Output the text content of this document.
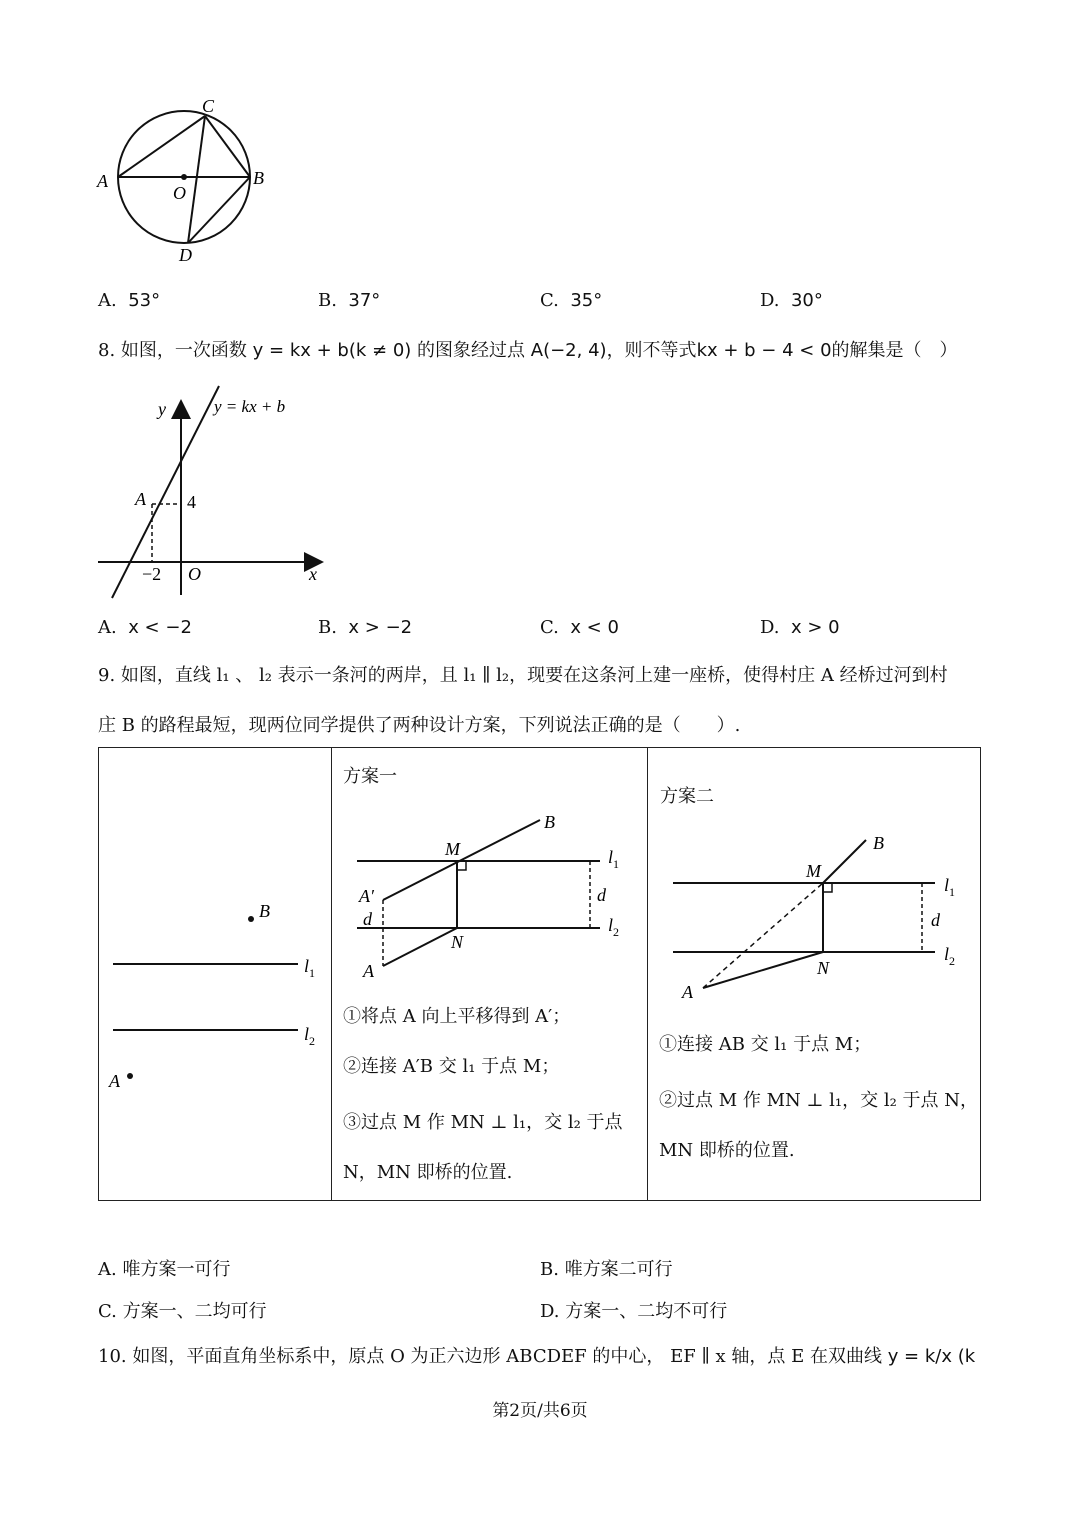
A	B
C
D
O
A. 53°	B. 37°	C. 35°	D. 30°
8. 如图，一次函数 y = kx + b(k ≠ 0) 的图象经过点 A(−2, 4)，则不等式kx + b − 4 < 0的解集是（　）
y	y = kx + b
A 4
−2 O	x
A. x < −2	B. x > −2	C. x < 0	D. x > 0
9. 如图，直线 l₁ 、 l₂ 表示一条河的两岸，且 l₁ ∥ l₂，现要在这条河上建一座桥，使得村庄 A 经桥过河到村
庄 B 的路程最短，现两位同学提供了两种设计方案，下列说法正确的是（　　）.
B
$l_1$
$l_2$
A
方案一
B
M	$l_1$
A′
d
d
$l_2$
N
A
①将点 A 向上平移得到 A′；
②连接 A′B 交 l₁ 于点 M；
③过点 M 作 MN ⊥ l₁，交 l₂ 于点
N，MN 即桥的位置.
方案二
B
M
$l_1$
d
$l_2$
N
A
①连接 AB 交 l₁ 于点 M；
②过点 M 作 MN ⊥ l₁，交 l₂ 于点 N，
MN 即桥的位置.
A. 唯方案一可行	B. 唯方案二可行
C. 方案一、二均可行	D. 方案一、二均不可行
10. 如图，平面直角坐标系中，原点 O 为正六边形 ABCDEF 的中心， EF ∥ x 轴，点 E 在双曲线 y = k/x (k
第2页/共6页
